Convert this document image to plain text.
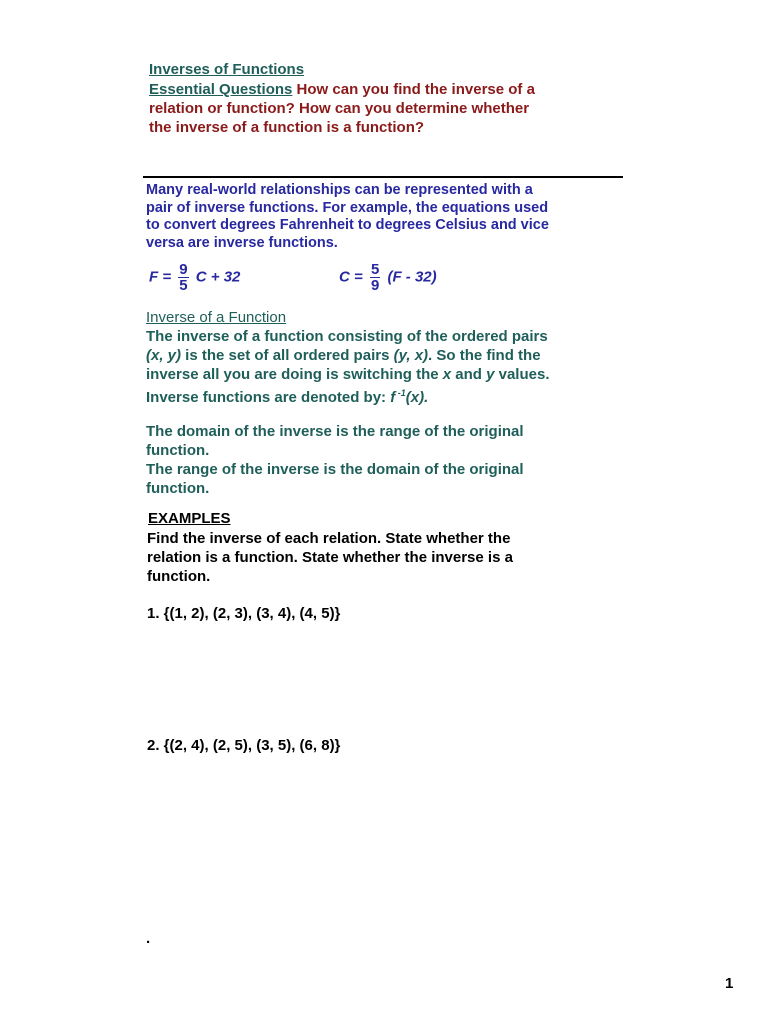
Inverses of Functions
Essential Questions How can you find the inverse of a
relation or function? How can you determine whether
the inverse of a function is a function?
Many real-world relationships can be represented with a
pair of inverse functions. For example, the equations used
to convert degrees Fahrenheit to degrees Celsius and vice
versa are inverse functions.
$F = \frac{9}{5}$ C + 32	$C = \frac{5}{9} (F - 32)$
Inverse of a Function
The inverse of a function consisting of the ordered pairs
(x, y) is the set of all ordered pairs (y, x). So the find the
inverse all you are doing is switching the x and y values.
Inverse functions are denoted by: f $^{-1}$(x).
The domain of the inverse is the range of the original
function.
The range of the inverse is the domain of the original
function.
EXAMPLES
Find the inverse of each relation. State whether the
relation is a function. State whether the inverse is a
function.
1. {(1, 2), (2, 3), (3, 4), (4, 5)}
2. {(2, 4), (2, 5), (3, 5), (6, 8)}
.
1
